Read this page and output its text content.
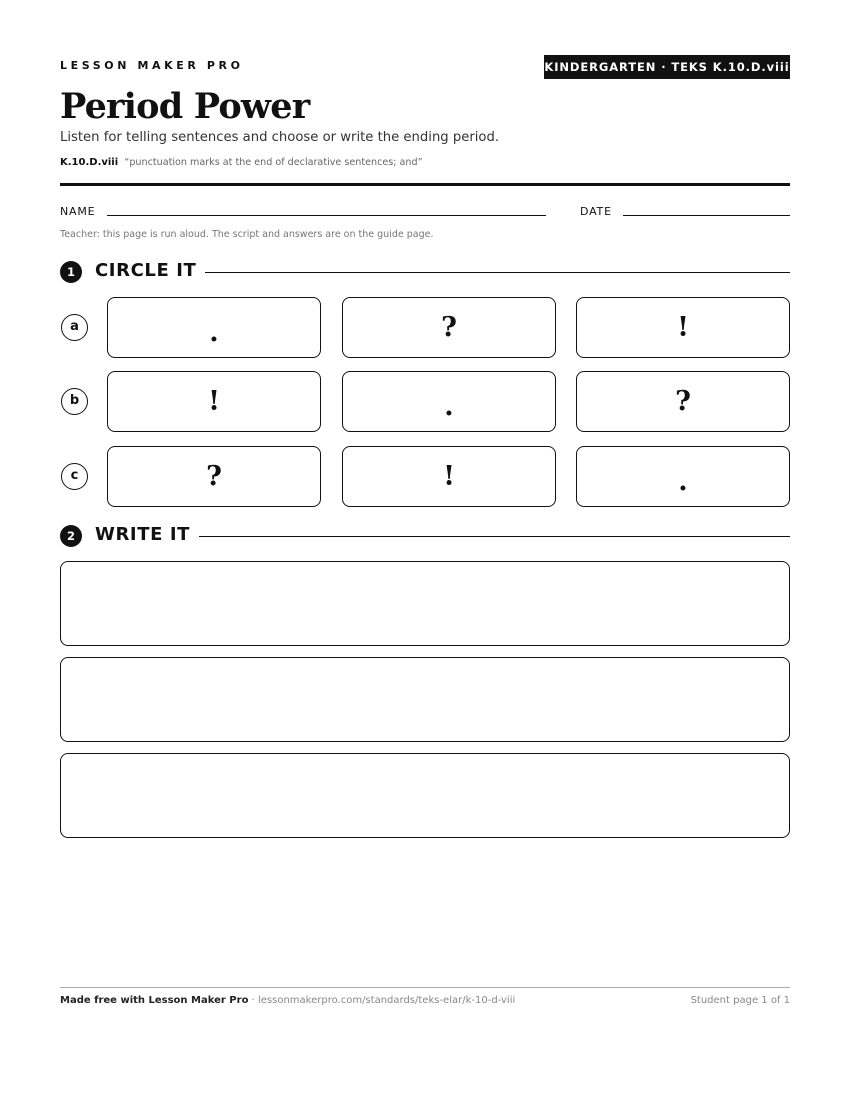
LESSON MAKER PRO	KINDERGARTEN · TEKS K.10.D.viii
Period Power
Listen for telling sentences and choose or write the ending period.
K.10.D.viii “punctuation marks at the end of declarative sentences; and”
NAME	DATE
Teacher: this page is run aloud. The script and answers are on the guide page.
1	CIRCLE IT
a	.	?	!
b	!	.	?
c	?	!	.
2	WRITE IT
Made free with Lesson Maker Pro · lessonmakerpro.com/standards/teks-elar/k-10-d-viii	Student page 1 of 1
